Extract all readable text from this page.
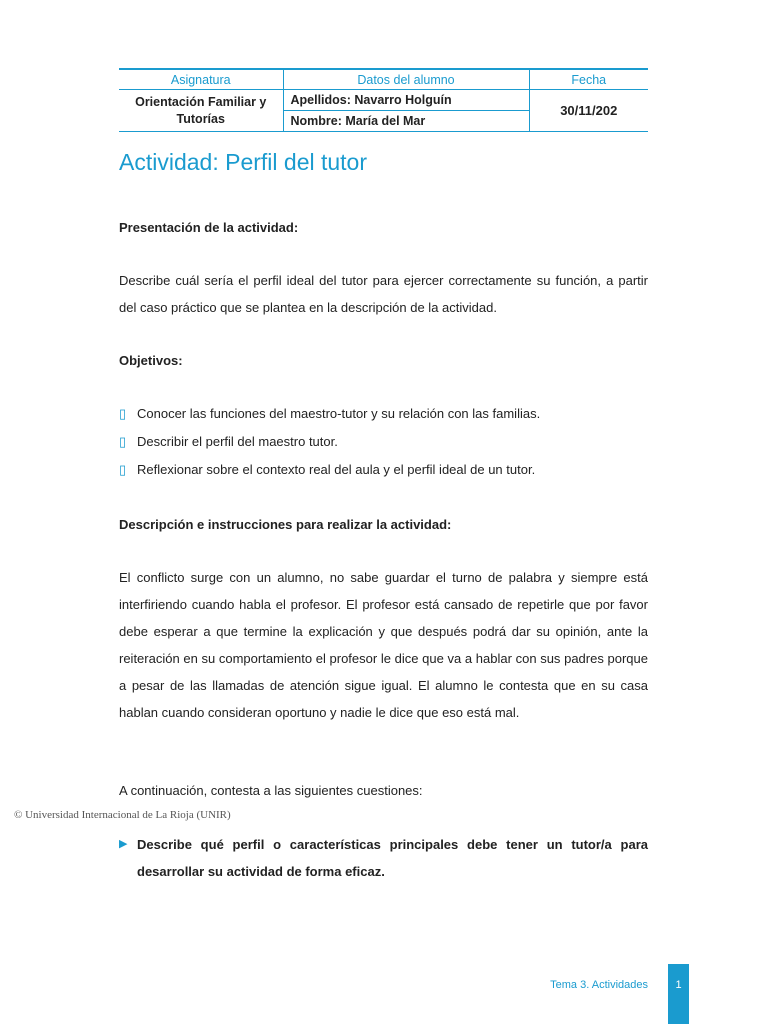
Asignatura	Datos del alumno	Fecha
Orientación Familiar y Tutorías	Apellidos: Navarro Holguín	30/11/202
	Nombre: María del Mar	
Actividad: Perfil del tutor

Presentación de la actividad:

Describe cuál sería el perfil ideal del tutor para ejercer correctamente su función, a partir del caso práctico que se plantea en la descripción de la actividad.

Objetivos:

▯ Conocer las funciones del maestro-tutor y su relación con las familias.
▯ Describir el perfil del maestro tutor.
▯ Reflexionar sobre el contexto real del aula y el perfil ideal de un tutor.

Descripción e instrucciones para realizar la actividad:

El conflicto surge con un alumno, no sabe guardar el turno de palabra y siempre está interfiriendo cuando habla el profesor. El profesor está cansado de repetirle que por favor debe esperar a que termine la explicación y que después podrá dar su opinión, ante la reiteración en su comportamiento el profesor le dice que va a hablar con sus padres porque a pesar de las llamadas de atención sigue igual. El alumno le contesta que en su casa hablan cuando consideran oportuno y nadie le dice que eso está mal.

A continuación, contesta a las siguientes cuestiones:

© Universidad Internacional de La Rioja (UNIR)
▶ Describe qué perfil o características principales debe tener un tutor/a para desarrollar su actividad de forma eficaz.
Tema 3. Actividades	1
